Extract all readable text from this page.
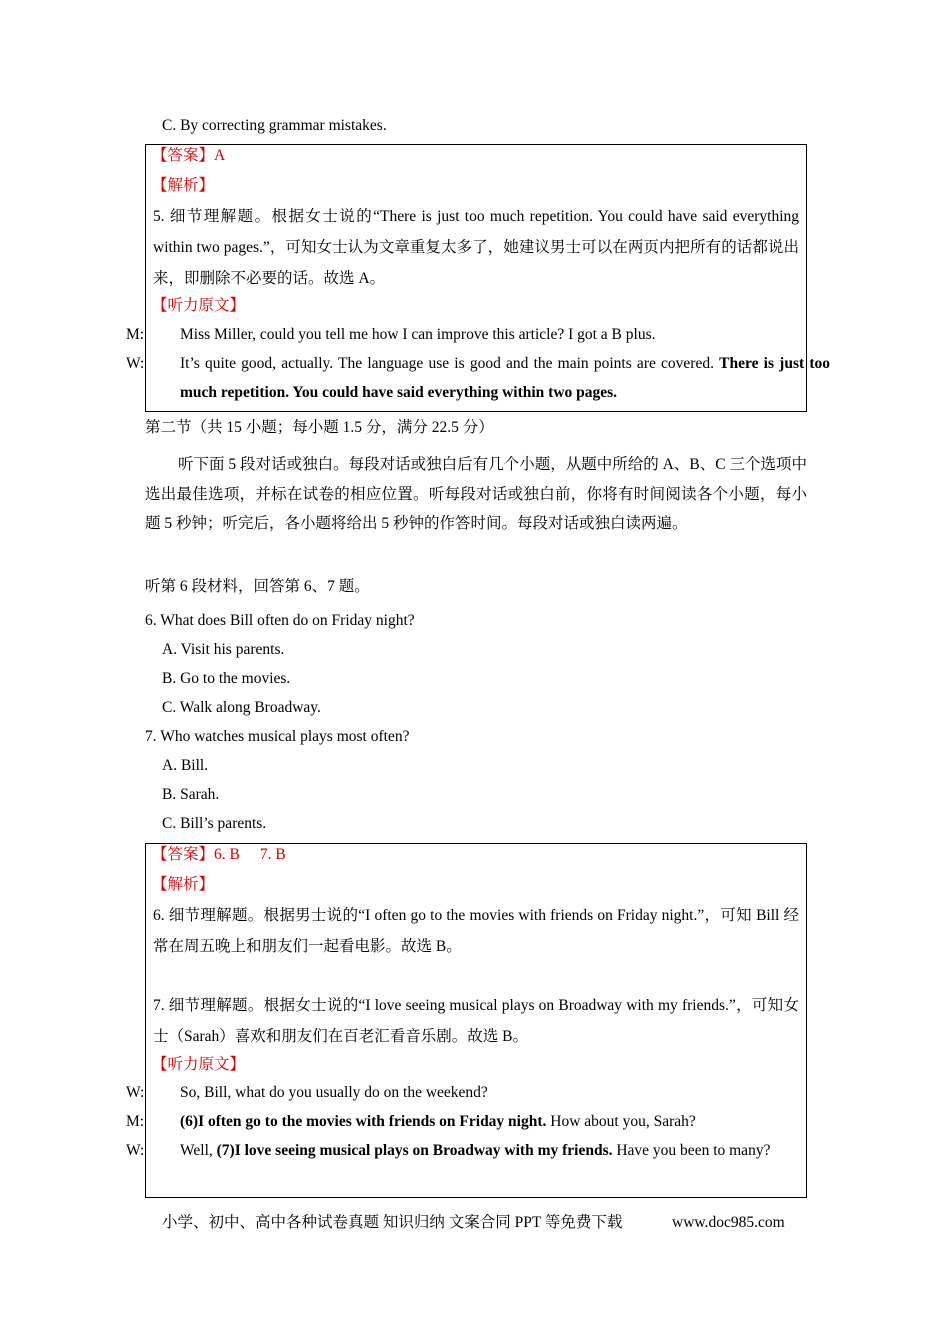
C. By correcting grammar mistakes.
【答案】A
【解析】
5. 细节理解题。根据女士说的“There is just too much repetition. You could have said everything within two pages.”，可知女士认为文章重复太多了，她建议男士可以在两页内把所有的话都说出来，即删除不必要的话。故选 A。
【听力原文】
M: Miss Miller, could you tell me how I can improve this article? I got a B plus.
W: It’s quite good, actually. The language use is good and the main points are covered. There is just too much repetition. You could have said everything within two pages.
第二节（共 15 小题；每小题 1.5 分，满分 22.5 分）
听下面 5 段对话或独白。每段对话或独白后有几个小题，从题中所给的 A、B、C 三个选项中选出最佳选项，并标在试卷的相应位置。听每段对话或独白前，你将有时间阅读各个小题，每小题 5 秒钟；听完后，各小题将给出 5 秒钟的作答时间。每段对话或独白读两遍。
听第 6 段材料，回答第 6、7 题。
6. What does Bill often do on Friday night?
A. Visit his parents.
B. Go to the movies.
C. Walk along Broadway.
7. Who watches musical plays most often?
A. Bill.
B. Sarah.
C. Bill’s parents.
【答案】6. B 7. B
【解析】
6. 细节理解题。根据男士说的“I often go to the movies with friends on Friday night.”，可知 Bill 经常在周五晚上和朋友们一起看电影。故选 B。
7. 细节理解题。根据女士说的“I love seeing musical plays on Broadway with my friends.”，可知女士（Sarah）喜欢和朋友们在百老汇看音乐剧。故选 B。
【听力原文】
W: So, Bill, what do you usually do on the weekend?
M: (6)I often go to the movies with friends on Friday night. How about you, Sarah?
W: Well, (7)I love seeing musical plays on Broadway with my friends. Have you been to many?
小学、初中、高中各种试卷真题 知识归纳 文案合同 PPT 等免费下载	www.doc985.com
